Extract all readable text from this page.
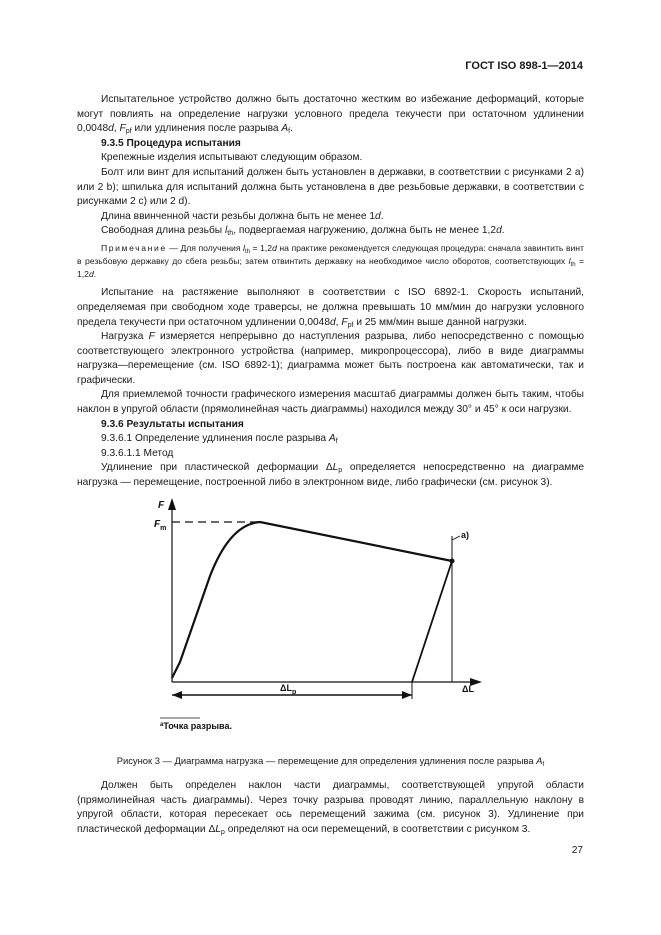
ГОСТ ISO 898-1—2014

Испытательное устройство должно быть достаточно жестким во избежание деформаций, которые могут повлиять на определение нагрузки условного предела текучести при остаточном удлинении 0,0048d, $F_{pf}$ или удлинения после разрыва $A_f$.

9.3.5 Процедура испытания

Крепежные изделия испытывают следующим образом.

Болт или винт для испытаний должен быть установлен в державки, в соответствии с рисунками 2 а) или 2 b); шпилька для испытаний должна быть установлена в две резьбовые державки, в соответствии с рисунками 2 с) или 2 d).

Длина ввинченной части резьбы должна быть не менее 1d.

Свободная длина резьбы $l_{th}$, подвергаемая нагружению, должна быть не менее 1,2d.

Примечание — Для получения $l_{th} = 1,2d$ на практике рекомендуется следующая процедура: сначала завинтить винт в резьбовую державку до сбега резьбы; затем отвинтить державку на необходимое число оборотов, соответствующих $l_{th} = 1,2d$.

Испытание на растяжение выполняют в соответствии с ISO 6892-1. Скорость испытаний, определяемая при свободном ходе траверсы, не должна превышать 10 мм/мин до нагрузки условного предела текучести при остаточном удлинении 0,0048d, $F_{pf}$ и 25 мм/мин выше данной нагрузки.

Нагрузка F измеряется непрерывно до наступления разрыва, либо непосредственно с помощью соответствующего электронного устройства (например, микропроцессора), либо в виде диаграммы нагрузка—перемещение (см. ISO 6892-1); диаграмма может быть построена как автоматически, так и графически.

Для приемлемой точности графического измерения масштаб диаграммы должен быть таким, чтобы наклон в упругой области (прямолинейная часть диаграммы) находился между 30° и 45° к оси нагрузки.

9.3.6 Результаты испытания

9.3.6.1 Определение удлинения после разрыва $A_f$

9.3.6.1.1 Метод

Удлинение при пластической деформации $\Delta L_p$ определяется непосредственно на диаграмме нагрузка — перемещение, построенной либо в электронном виде, либо графически (см. рисунок 3).

F
$F_m$
a)
$\Delta L_p$	ΔL
$^a$Точка разрыва.
Рисунок 3 — Диаграмма нагрузка — перемещение для определения удлинения после разрыва $A_f$

Должен быть определен наклон части диаграммы, соответствующей упругой области (прямолинейная часть диаграммы). Через точку разрыва проводят линию, параллельную наклону в упругой области, которая пересекает ось перемещений зажима (см. рисунок 3). Удлинение при пластической деформации $\Delta L_p$ определяют на оси перемещений, в соответствии с рисунком 3.

27
